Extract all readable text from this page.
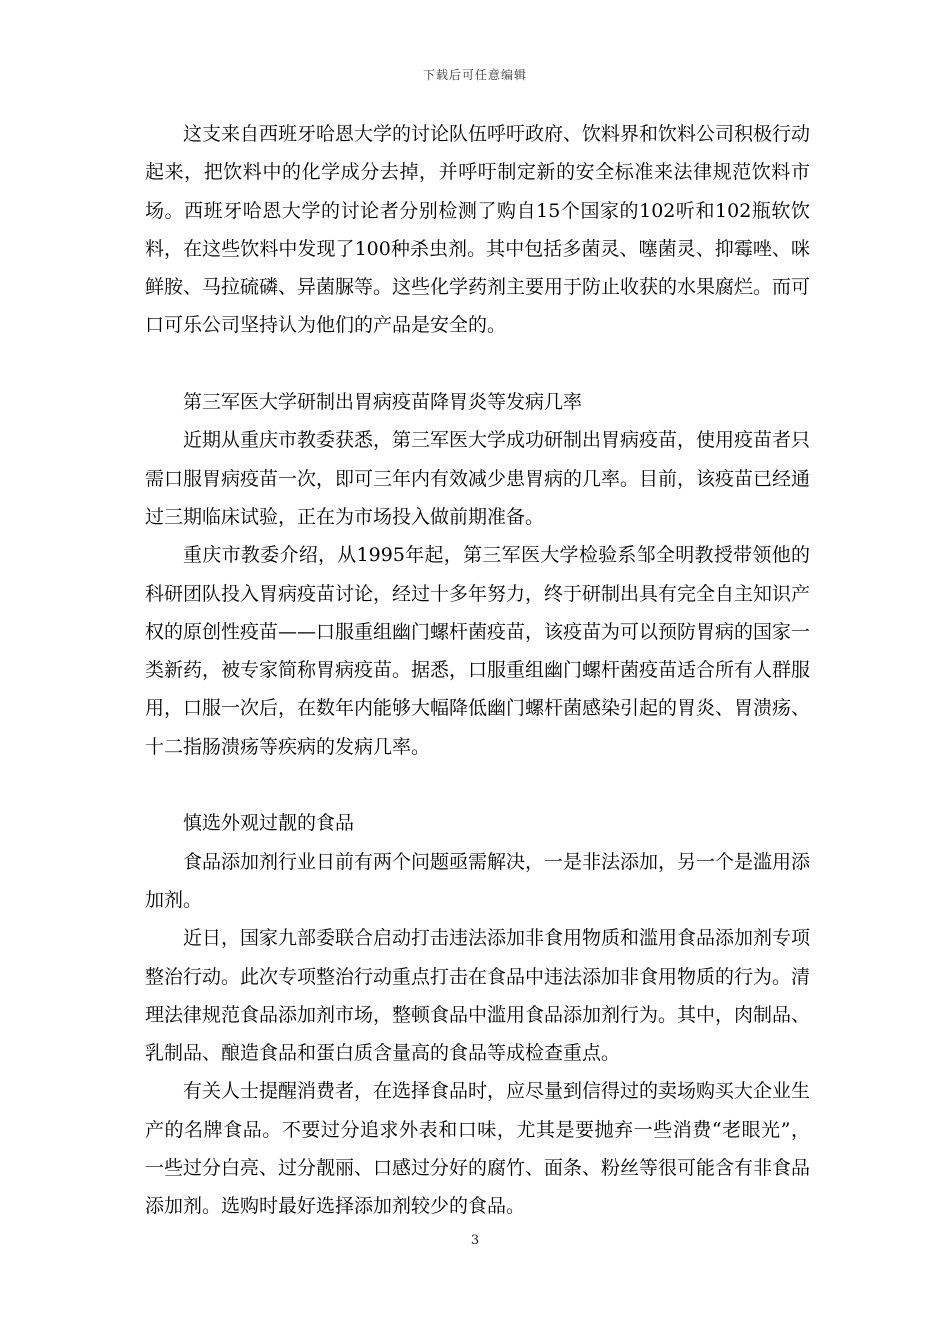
下载后可任意编辑

这支来自西班牙哈恩大学的讨论队伍呼吁政府、饮料界和饮料公司积极行动起来，把饮料中的化学成分去掉，并呼吁制定新的安全标准来法律规范饮料市场。西班牙哈恩大学的讨论者分别检测了购自15个国家的102听和102瓶软饮料，在这些饮料中发现了100种杀虫剂。其中包括多菌灵、噻菌灵、抑霉唑、咪鲜胺、马拉硫磷、异菌脲等。这些化学药剂主要用于防止收获的水果腐烂。而可口可乐公司坚持认为他们的产品是安全的。

第三军医大学研制出胃病疫苗降胃炎等发病几率

近期从重庆市教委获悉，第三军医大学成功研制出胃病疫苗，使用疫苗者只需口服胃病疫苗一次，即可三年内有效减少患胃病的几率。目前，该疫苗已经通过三期临床试验，正在为市场投入做前期准备。

重庆市教委介绍，从1995年起，第三军医大学检验系邹全明教授带领他的科研团队投入胃病疫苗讨论，经过十多年努力，终于研制出具有完全自主知识产权的原创性疫苗——口服重组幽门螺杆菌疫苗，该疫苗为可以预防胃病的国家一类新药，被专家简称胃病疫苗。据悉，口服重组幽门螺杆菌疫苗适合所有人群服用，口服一次后，在数年内能够大幅降低幽门螺杆菌感染引起的胃炎、胃溃疡、十二指肠溃疡等疾病的发病几率。

慎选外观过靓的食品

食品添加剂行业日前有两个问题亟需解决，一是非法添加，另一个是滥用添加剂。

近日，国家九部委联合启动打击违法添加非食用物质和滥用食品添加剂专项整治行动。此次专项整治行动重点打击在食品中违法添加非食用物质的行为。清理法律规范食品添加剂市场，整顿食品中滥用食品添加剂行为。其中，肉制品、乳制品、酿造食品和蛋白质含量高的食品等成检查重点。

有关人士提醒消费者，在选择食品时，应尽量到信得过的卖场购买大企业生产的名牌食品。不要过分追求外表和口味，尤其是要抛弃一些消费“老眼光”，一些过分白亮、过分靓丽、口感过分好的腐竹、面条、粉丝等很可能含有非食品添加剂。选购时最好选择添加剂较少的食品。

3
